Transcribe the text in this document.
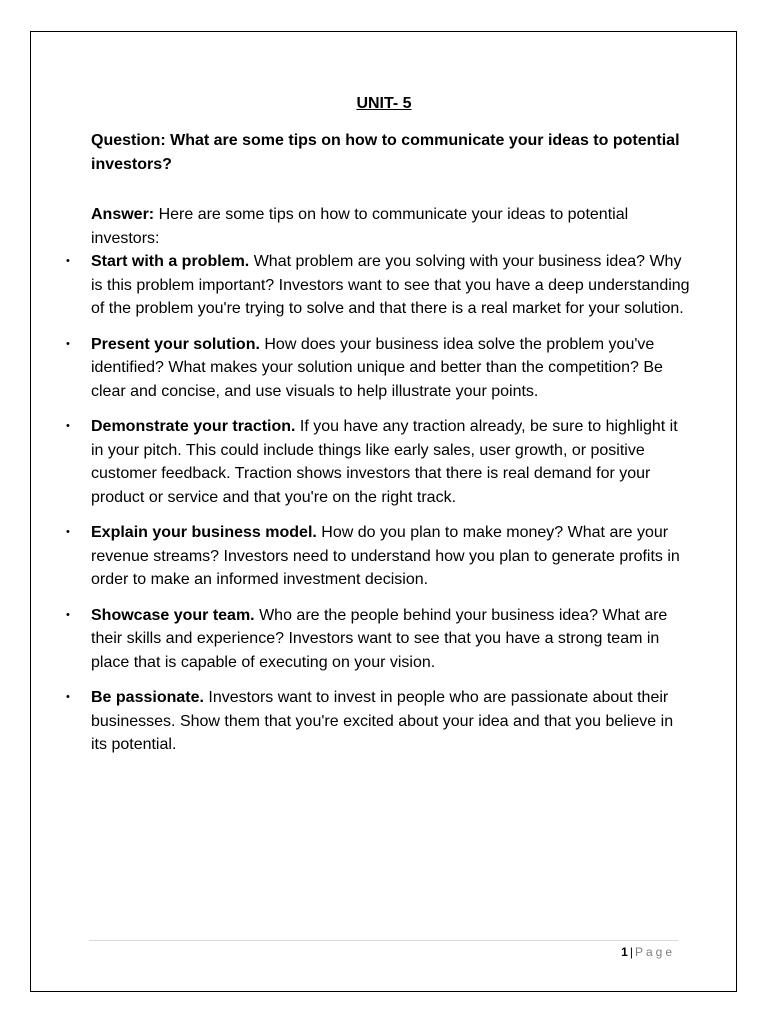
UNIT- 5
Question: What are some tips on how to communicate your ideas to potential investors?
Answer: Here are some tips on how to communicate your ideas to potential investors:
• Start with a problem. What problem are you solving with your business idea? Why is this problem important? Investors want to see that you have a deep understanding of the problem you're trying to solve and that there is a real market for your solution.
• Present your solution. How does your business idea solve the problem you've identified? What makes your solution unique and better than the competition? Be clear and concise, and use visuals to help illustrate your points.
• Demonstrate your traction. If you have any traction already, be sure to highlight it in your pitch. This could include things like early sales, user growth, or positive customer feedback. Traction shows investors that there is real demand for your product or service and that you're on the right track.
• Explain your business model. How do you plan to make money? What are your revenue streams? Investors need to understand how you plan to generate profits in order to make an informed investment decision.
• Showcase your team. Who are the people behind your business idea? What are their skills and experience? Investors want to see that you have a strong team in place that is capable of executing on your vision.
• Be passionate. Investors want to invest in people who are passionate about their businesses. Show them that you're excited about your idea and that you believe in its potential.
1 | Page
